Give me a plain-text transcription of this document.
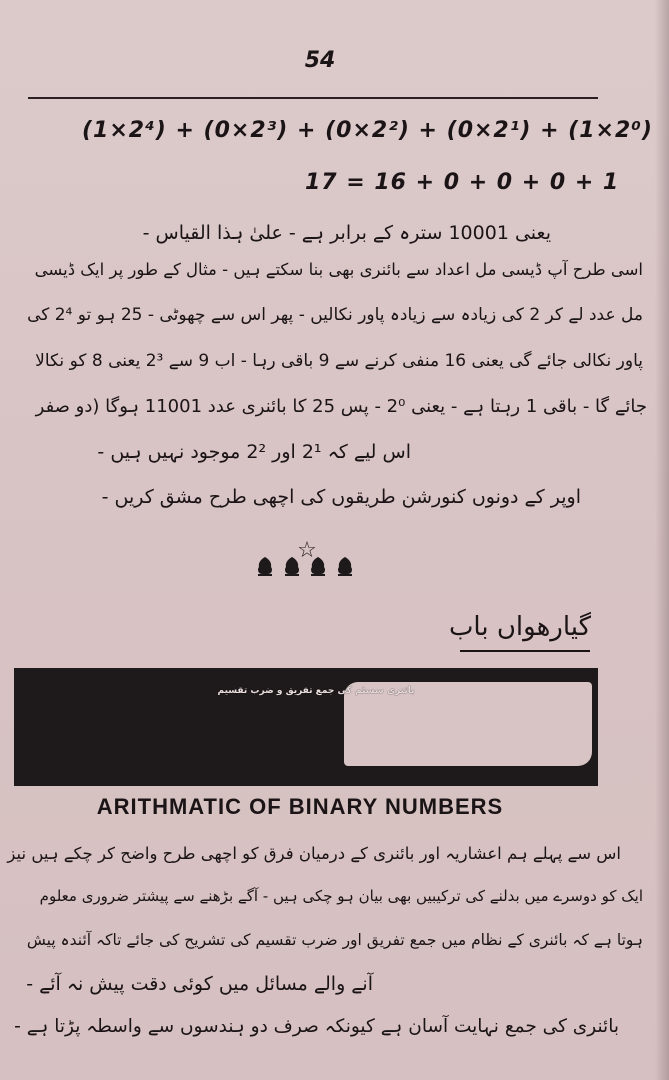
54
(1×2⁴) + (0×2³) + (0×2²) + (0×2¹) + (1×2⁰)
17 = 16 + 0 + 0 + 0 + 1
یعنی 10001 سترہ کے برابر ہے - علیٰ ہذا القیاس -
اسی طرح آپ ڈیسی مل اعداد سے بائنری بھی بنا سکتے ہیں - مثال کے طور پر ایک ڈیسی
مل عدد لے کر 2 کی زیادہ سے زیادہ پاور نکالیں - پھر اس سے چھوٹی - 25 ہو تو 2⁴ کی
پاور نکالی جائے گی یعنی 16 منفی کرنے سے 9 باقی رہا - اب 9 سے 2³ یعنی 8 کو نکالا
جائے گا - باقی 1 رہتا ہے - یعنی 2⁰ - پس 25 کا بائنری عدد 11001 ہوگا (دو صفر
اس لیے کہ 2¹ اور 2² موجود نہیں ہیں -
اوپر کے دونوں کنورشن طریقوں کی اچھی طرح مشق کریں -
☆
گیارھواں باب
بائنری سسٹم کی جمع تفریق و ضرب تقسیم
ARITHMATIC OF BINARY NUMBERS
اس سے پہلے ہم اعشاریہ اور بائنری کے درمیان فرق کو اچھی طرح واضح کر چکے ہیں نیز
ایک کو دوسرے میں بدلنے کی ترکیبیں بھی بیان ہو چکی ہیں - آگے بڑھنے سے پیشتر ضروری معلوم
ہوتا ہے کہ بائنری کے نظام میں جمع تفریق اور ضرب تقسیم کی تشریح کی جائے تاکہ آئندہ پیش
آنے والے مسائل میں کوئی دقت پیش نہ آئے -
بائنری کی جمع نہایت آسان ہے کیونکہ صرف دو ہندسوں سے واسطہ پڑتا ہے -
